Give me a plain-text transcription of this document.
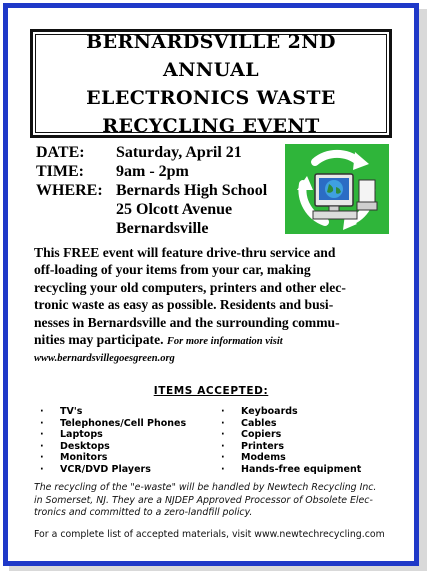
BERNARDSVILLE 2ND ANNUAL
ELECTRONICS WASTE
RECYCLING EVENT
DATE:	Saturday, April 21
TIME:	9am - 2pm
WHERE: Bernards High School
25 Olcott Avenue
Bernardsville
This FREE event will feature drive-thru service and
off-loading of your items from your car, making
recycling your old computers, printers and other elec-
tronic waste as easy as possible. Residents and busi-
nesses in Bernardsville and the surrounding commu-
nities may participate. For more information visit
www.bernardsvillegoesgreen.org
ITEMS ACCEPTED:
·	TV's
·	Telephones/Cell Phones
·	Laptops
·	Desktops
·	Monitors
·	VCR/DVD Players
·	Keyboards
·	Cables
·	Copiers
·	Printers
·	Modems
·	Hands-free equipment
The recycling of the "e-waste" will be handled by Newtech Recycling Inc.
in Somerset, NJ. They are a NJDEP Approved Processor of Obsolete Elec-
tronics and committed to a zero-landfill policy.
For a complete list of accepted materials, visit www.newtechrecycling.com
